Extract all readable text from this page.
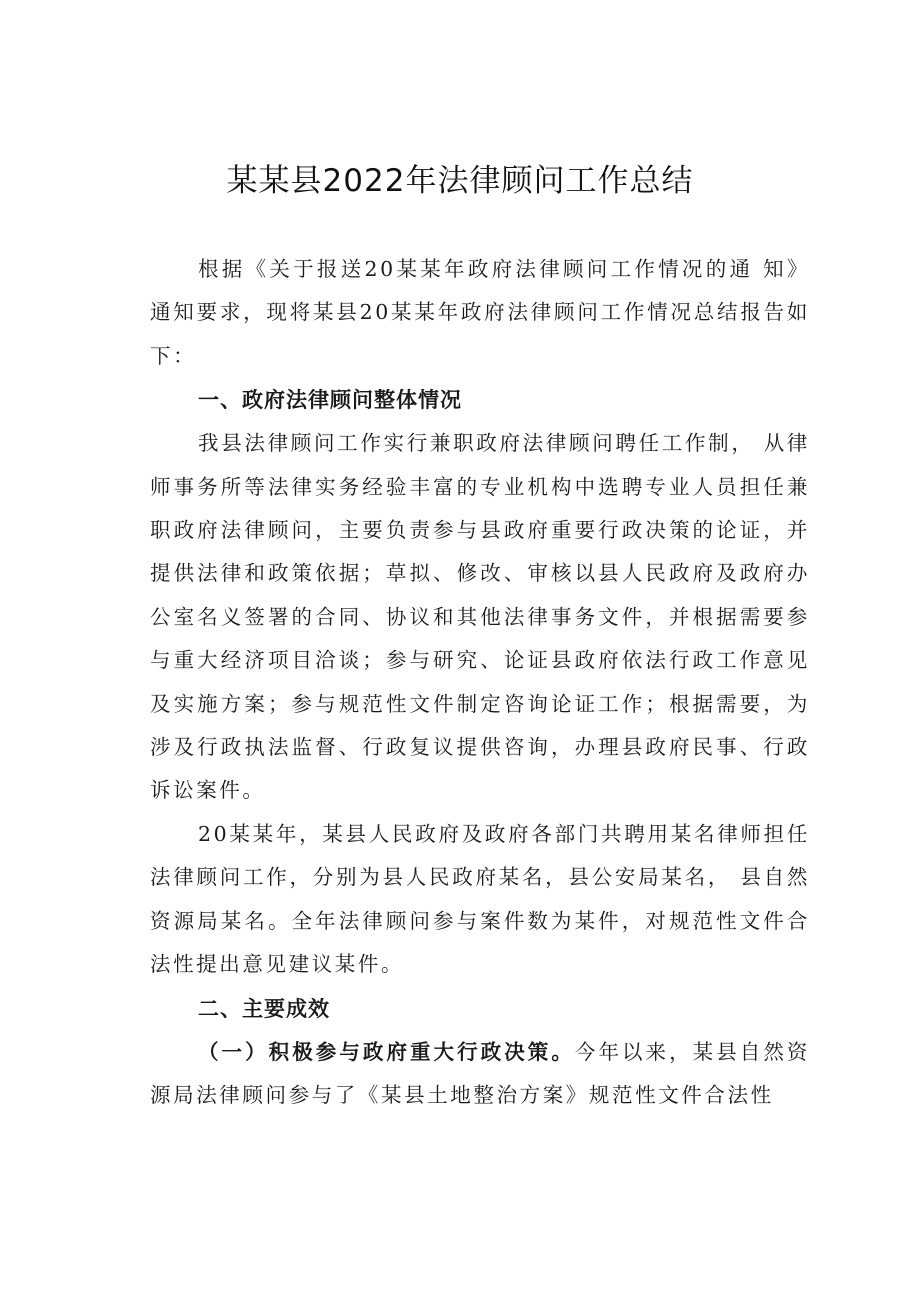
某某县2022年法律顾问工作总结

根据《关于报送20某某年政府法律顾问工作情况的通 知》通知要求，现将某县20某某年政府法律顾问工作情况总结报告如下：

一、政府法律顾问整体情况

我县法律顾问工作实行兼职政府法律顾问聘任工作制， 从律师事务所等法律实务经验丰富的专业机构中选聘专业人员担任兼职政府法律顾问，主要负责参与县政府重要行政决策的论证，并提供法律和政策依据；草拟、修改、审核以县人民政府及政府办公室名义签署的合同、协议和其他法律事务文件，并根据需要参与重大经济项目洽谈；参与研究、论证县政府依法行政工作意见及实施方案；参与规范性文件制定咨询论证工作；根据需要，为涉及行政执法监督、行政复议提供咨询，办理县政府民事、行政诉讼案件。

20某某年，某县人民政府及政府各部门共聘用某名律师担任法律顾问工作，分别为县人民政府某名，县公安局某名， 县自然资源局某名。全年法律顾问参与案件数为某件，对规范性文件合法性提出意见建议某件。

二、主要成效

（一）积极参与政府重大行政决策。今年以来，某县自然资源局法律顾问参与了《某县土地整治方案》规范性文件合法性
